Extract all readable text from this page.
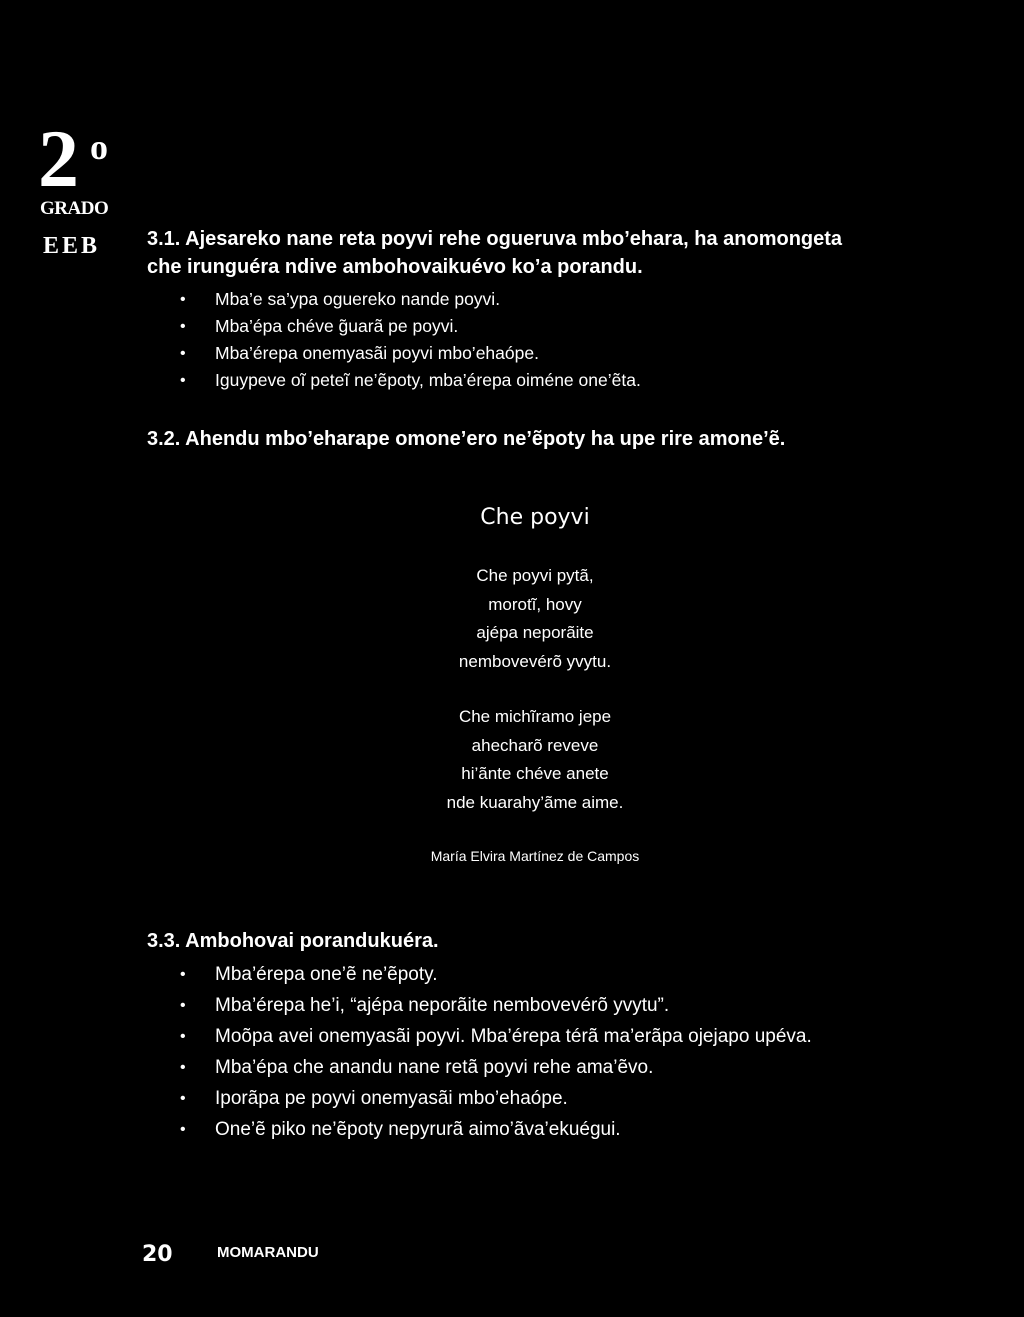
2 o
GRADO
EEB 3.1. Ajesareko nane reta poyvi rehe ogueruva mbo’ehara, ha anomongeta
che irunguéra ndive ambohovaikuévo ko’a porandu.
• Mba’e sa’ypa oguereko nande poyvi.
• Mba’épa chéve g̃uarã pe poyvi.
• Mba’érepa onemyasãi poyvi mbo’ehaópe.
• Iguypeve oĩ peteĩ ne’ẽpoty, mba’érepa oiméne one’ẽta.
3.2. Ahendu mbo’eharape omone’ero ne’ẽpoty ha upe rire amone’ẽ.
Che poyvi
Che poyvi pytã,
morotĩ, hovy
ajépa neporãite
nembovevérõ yvytu.
Che michĩramo jepe
ahecharõ reveve
hi’ãnte chéve anete
nde kuarahy’ãme aime.
María Elvira Martínez de Campos
3.3. Ambohovai porandukuéra.
• Mba’érepa one’ẽ ne’ẽpoty.
• Mba’érepa he’i, “ajépa neporãite nembovevérõ yvytu”.
• Moõpa avei onemyasãi poyvi. Mba’érepa térã ma’erãpa ojejapo upéva.
• Mba’épa che anandu nane retã poyvi rehe ama’ẽvo.
• Iporãpa pe poyvi onemyasãi mbo’ehaópe.
• One’ẽ piko ne’ẽpoty nepyrurã aimo’ãva’ekuégui.
20	MOMARANDU
